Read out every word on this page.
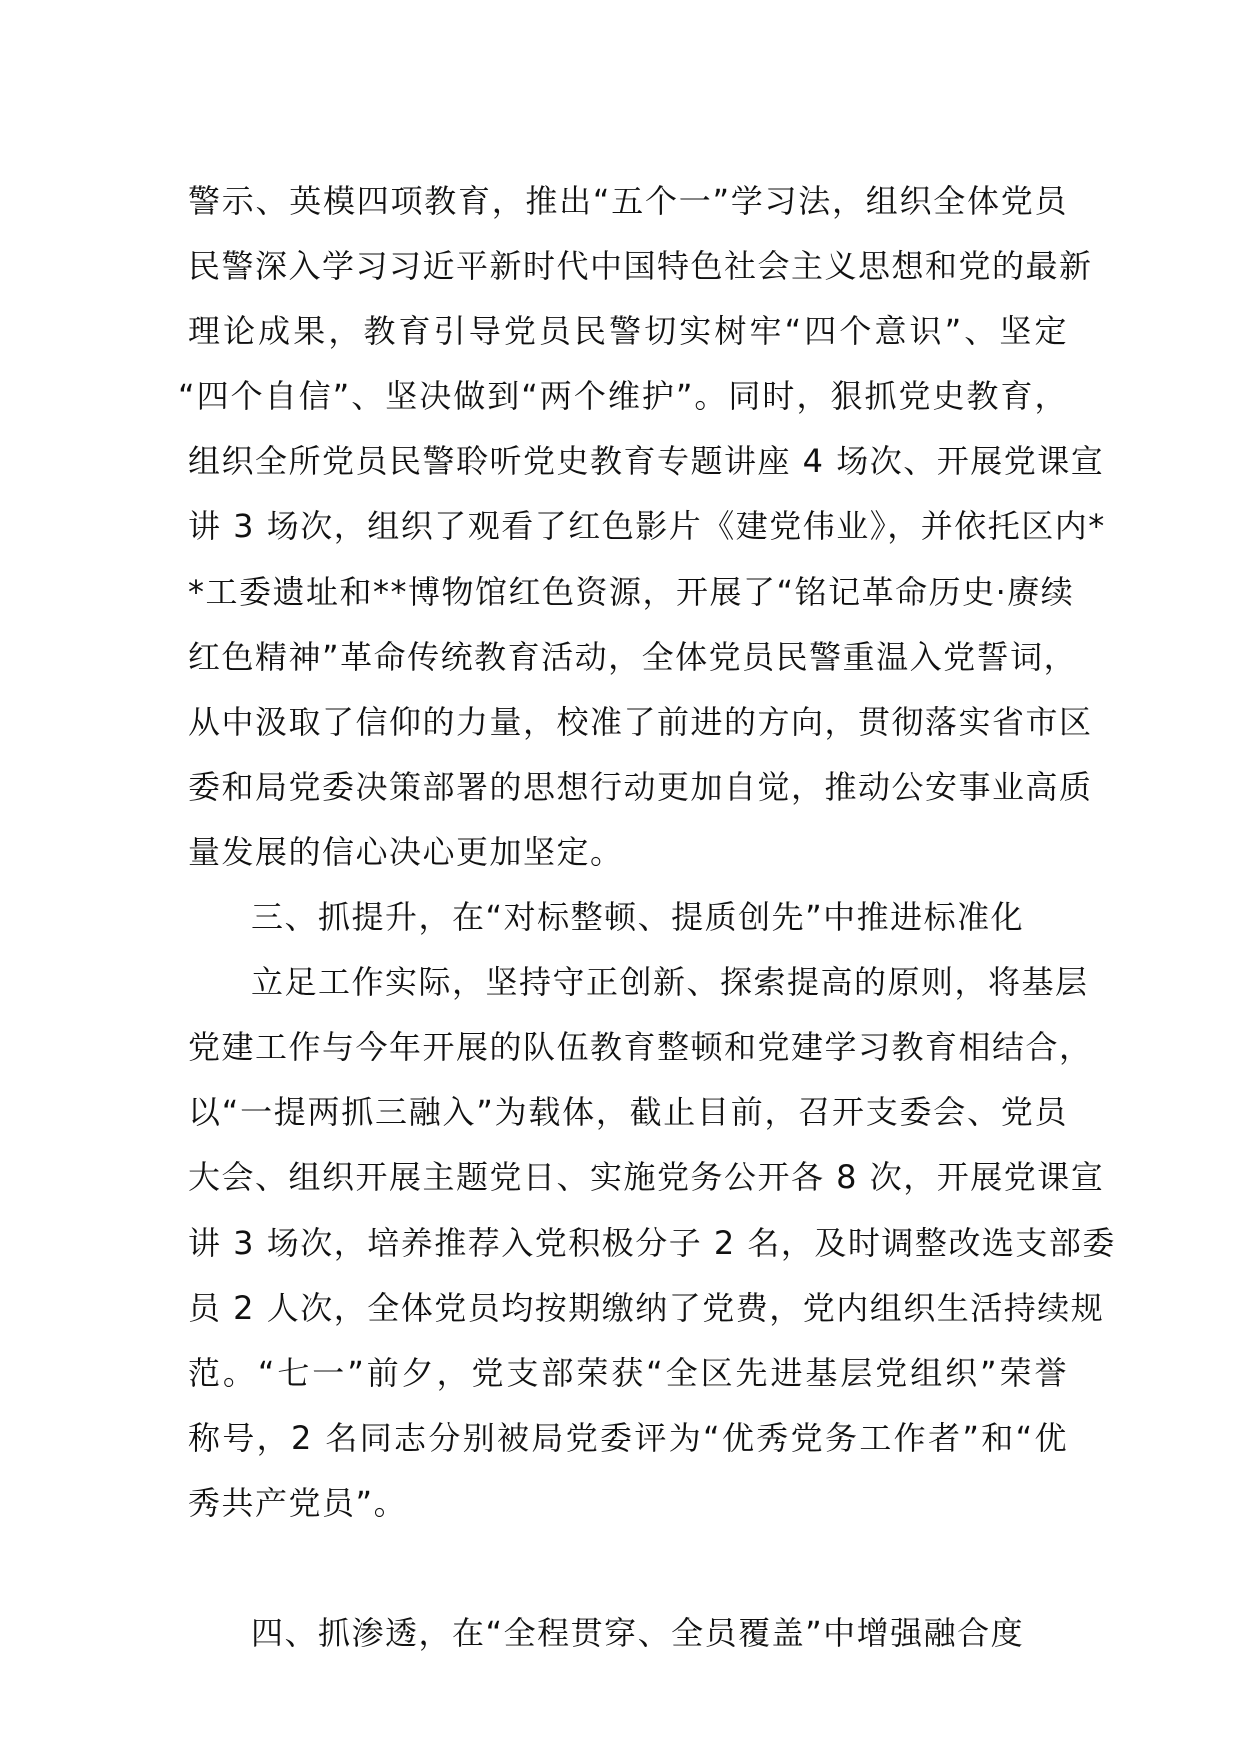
警示、英模四项教育，推出“五个一”学习法，组织全体党员
民警深入学习习近平新时代中国特色社会主义思想和党的最新
理论成果，教育引导党员民警切实树牢“四个意识”、坚定
“四个自信”、坚决做到“两个维护”。同时，狠抓党史教育，
组织全所党员民警聆听党史教育专题讲座 4 场次、开展党课宣
讲 3 场次，组织了观看了红色影片《建党伟业》，并依托区内*
*工委遗址和**博物馆红色资源，开展了“铭记革命历史·赓续
红色精神”革命传统教育活动，全体党员民警重温入党誓词，
从中汲取了信仰的力量，校准了前进的方向，贯彻落实省市区
委和局党委决策部署的思想行动更加自觉，推动公安事业高质
量发展的信心决心更加坚定。
三、抓提升，在“对标整顿、提质创先”中推进标准化
立足工作实际，坚持守正创新、探索提高的原则，将基层
党建工作与今年开展的队伍教育整顿和党建学习教育相结合，
以“一提两抓三融入”为载体，截止目前，召开支委会、党员
大会、组织开展主题党日、实施党务公开各 8 次，开展党课宣
讲 3 场次，培养推荐入党积极分子 2 名，及时调整改选支部委
员 2 人次，全体党员均按期缴纳了党费，党内组织生活持续规
范。“七一”前夕，党支部荣获“全区先进基层党组织”荣誉
称号，2 名同志分别被局党委评为“优秀党务工作者”和“优
秀共产党员”。
四、抓渗透，在“全程贯穿、全员覆盖”中增强融合度
